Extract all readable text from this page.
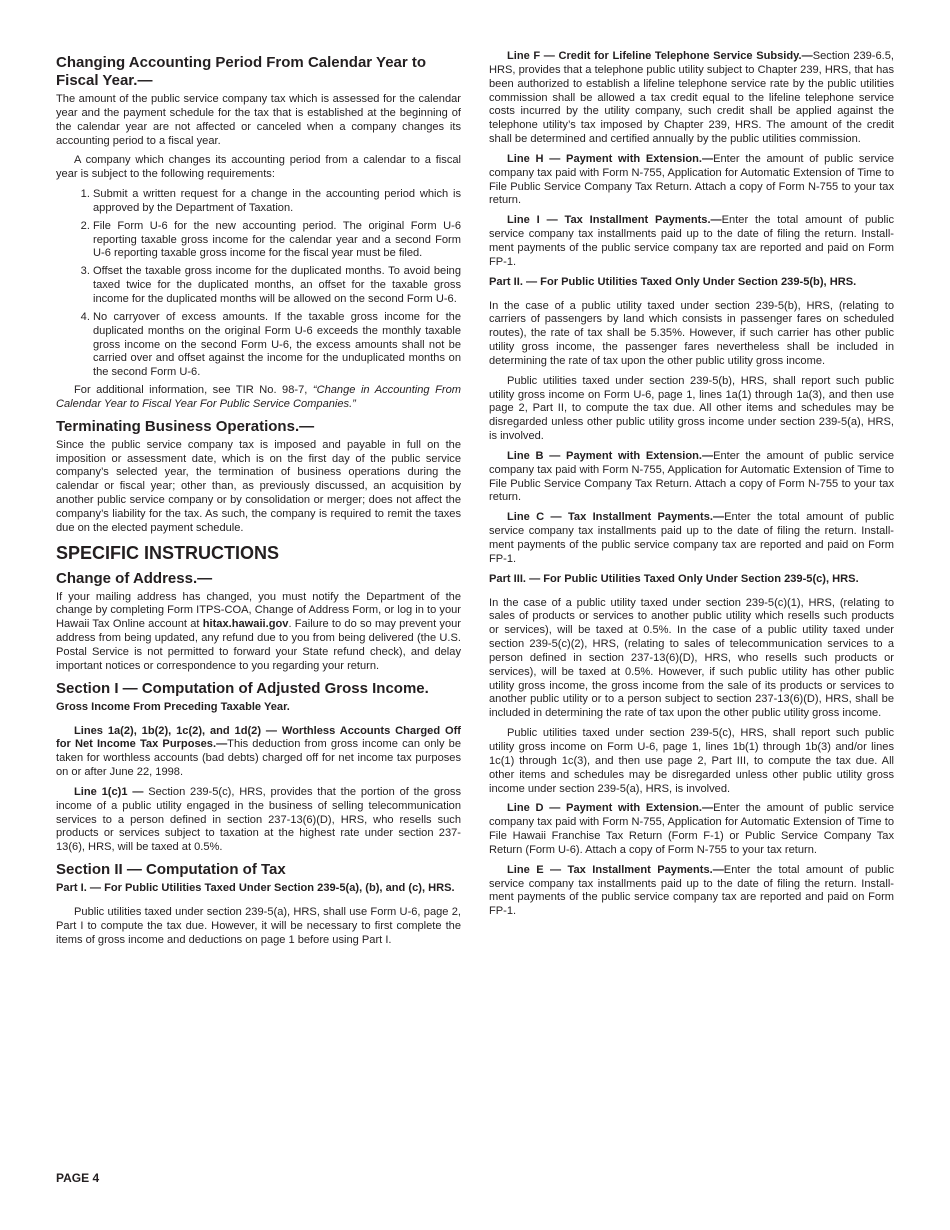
Changing Accounting Period From Calendar Year to Fiscal Year.—

The amount of the public service company tax which is assessed for the calendar year and the payment schedule for the tax that is established at the beginning of the calendar year are not affected or canceled when a company changes its accounting period to a fiscal year.

A company which changes its accounting period from a calendar to a fiscal year is subject to the following requirements:

1. Submit a written request for a change in the accounting period which is approved by the Department of Taxation.
2. File Form U-6 for the new accounting period. The original Form U-6 reporting taxable gross income for the calendar year and a second Form U-6 reporting taxable gross income for the fiscal year must be filed.
3. Offset the taxable gross income for the duplicated months. To avoid being taxed twice for the duplicated months, an offset for the taxable gross income for the duplicated months will be allowed on the second Form U-6.
4. No carryover of excess amounts. If the taxable gross income for the duplicated months on the original Form U-6 exceeds the monthly taxable gross income on the second Form U-6, the excess amounts shall not be carried over and offset against the income for the unduplicated months on the second Form U-6.

For additional information, see TIR No. 98-7, “Change in Accounting From Calendar Year to Fiscal Year For Public Service Companies.”

Terminating Business Operations.—

Since the public service company tax is imposed and payable in full on the imposition or assessment date, which is on the first day of the public service company’s selected year, the termination of business operations during the calendar or fiscal year; other than, as previously discussed, an acquisition by another public service company or by consolidation or merger; does not affect the company’s liability for the tax. As such, the company is required to remit the taxes due on the elected payment schedule.

SPECIFIC INSTRUCTIONS
Change of Address.—

If your mailing address has changed, you must notify the Department of the change by completing Form ITPS-COA, Change of Address Form, or log in to your Hawaii Tax Online account at hitax.hawaii.gov. Failure to do so may prevent your address from being updated, any refund due to you from being delivered (the U.S. Postal Service is not permitted to forward your State refund check), and delay important notices or correspondence to you regarding your return.

Section I — Computation of Adjusted Gross Income.
Gross Income From Preceding Taxable Year.

Lines 1a(2), 1b(2), 1c(2), and 1d(2) — Worthless Accounts Charged Off for Net Income Tax Purposes.—This deduction from gross income can only be taken for worthless accounts (bad debts) charged off for net income tax purposes on or after June 22, 1998.

Line 1(c)1 — Section 239-5(c), HRS, provides that the portion of the gross income of a public utility engaged in the business of selling telecommunication services to a person defined in section 237-13(6)(D), HRS, who resells such products or services subject to taxation at the highest rate under section 237-13(6), HRS, will be taxed at 0.5%.

Section II — Computation of Tax
Part I. — For Public Utilities Taxed Under Section 239-5(a), (b), and (c), HRS.

Public utilities taxed under section 239-5(a), HRS, shall use Form U-6, page 2, Part I to compute the tax due. However, it will be necessary to first complete the items of gross income and deductions on page 1 before using Part I.

Line F — Credit for Lifeline Telephone Service Subsidy.—Section 239-6.5, HRS, provides that a telephone public utility subject to Chapter 239, HRS, that has been authorized to establish a lifeline telephone service rate by the public utilities commission shall be allowed a tax credit equal to the lifeline telephone service costs incurred by the utility company, such credit shall be applied against the telephone utility’s tax imposed by Chapter 239, HRS. The amount of the credit shall be determined and certified annually by the public utilities commission.

Line H — Payment with Extension.—Enter the amount of public service company tax paid with Form N-755, Application for Automatic Extension of Time to File Public Service Company Tax Return. Attach a copy of Form N-755 to your tax return.

Line I — Tax Installment Payments.—Enter the total amount of public service company tax installments paid up to the date of filing the return. Installment payments of the public service company tax are reported and paid on Form FP-1.

Part II. — For Public Utilities Taxed Only Under Section 239-5(b), HRS.

In the case of a public utility taxed under section 239-5(b), HRS, (relating to carriers of passengers by land which consists in passenger fares on scheduled routes), the rate of tax shall be 5.35%. However, if such carrier has other public utility gross income, the passenger fares nevertheless shall be included in determining the rate of tax upon the other public utility gross income.

Public utilities taxed under section 239-5(b), HRS, shall report such public utility gross income on Form U-6, page 1, lines 1a(1) through 1a(3), and then use page 2, Part II, to compute the tax due. All other items and schedules may be disregarded unless other public utility gross income under section 239-5(a), HRS, is involved.

Line B — Payment with Extension.—Enter the amount of public service company tax paid with Form N-755, Application for Automatic Extension of Time to File Public Service Company Tax Return. Attach a copy of Form N-755 to your tax return.

Line C — Tax Installment Payments.—Enter the total amount of public service company tax installments paid up to the date of filing the return. Installment payments of the public service company tax are reported and paid on Form FP-1.

Part III. — For Public Utilities Taxed Only Under Section 239-5(c), HRS.

In the case of a public utility taxed under section 239-5(c)(1), HRS, (relating to sales of products or services to another public utility which resells such products or services), will be taxed at 0.5%. In the case of a public utility taxed under section 239-5(c)(2), HRS, (relating to sales of telecommunication services to a person defined in section 237-13(6)(D), HRS, who resells such products or services), will be taxed at 0.5%. However, if such public utility has other public utility gross income, the gross income from the sale of its products or services to another public utility or to a person subject to section 237-13(6)(D), HRS, shall be included in determining the rate of tax upon the other public utility gross income.

Public utilities taxed under section 239-5(c), HRS, shall report such public utility gross income on Form U-6, page 1, lines 1b(1) through 1b(3) and/or lines 1c(1) through 1c(3), and then use page 2, Part III, to compute the tax due. All other items and schedules may be disregarded unless other public utility gross income under section 239-5(a), HRS, is involved.

Line D — Payment with Extension.—Enter the amount of public service company tax paid with Form N-755, Application for Automatic Extension of Time to File Hawaii Franchise Tax Return (Form F-1) or Public Service Company Tax Return (Form U-6). Attach a copy of Form N-755 to your tax return.

Line E — Tax Installment Payments.—Enter the total amount of public service company tax installments paid up to the date of filing the return. Installment payments of the public service company tax are reported and paid on Form FP-1.

PAGE 4
